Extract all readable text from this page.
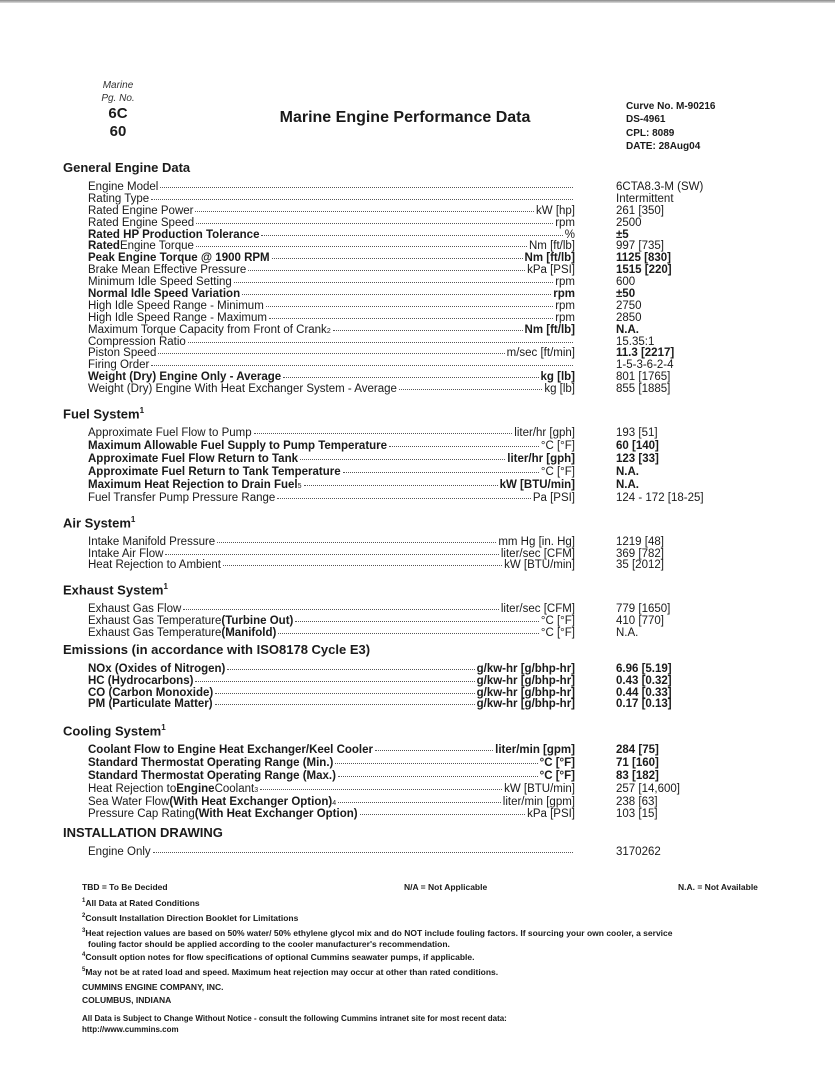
Marine
Pg. No.
6C
60
Marine Engine Performance Data
Curve No. M-90216
DS-4961
CPL: 8089
DATE: 28Aug04
General Engine Data
Engine Model	6CTA8.3-M (SW)
Rating Type	Intermittent
Rated Engine Power	kW [hp]	261 [350]
Rated Engine Speed	rpm	2500
Rated HP Production Tolerance	%	±5
Rated Engine Torque	Nm [ft/lb]	997 [735]
Peak Engine Torque @ 1900 RPM	Nm [ft/lb]	1125 [830]
Brake Mean Effective Pressure	kPa [PSI]	1515 [220]
Minimum Idle Speed Setting	rpm	600
Normal Idle Speed Variation	rpm	±50
High Idle Speed Range - Minimum	rpm	2750
High Idle Speed Range - Maximum	rpm	2850
Maximum Torque Capacity from Front of Crank 2	Nm [ft/lb]	N.A.
Compression Ratio	15.35:1
Piston Speed	m/sec [ft/min]	11.3 [2217]
Firing Order	1-5-3-6-2-4
Weight (Dry) Engine Only - Average	kg [lb]	801 [1765]
Weight (Dry) Engine With Heat Exchanger System - Average	kg [lb]	855 [1885]
Fuel System$^1$
Approximate Fuel Flow to Pump	liter/hr [gph]	193 [51]
Maximum Allowable Fuel Supply to Pump Temperature	°C [°F]	60 [140]
Approximate Fuel Flow Return to Tank	liter/hr [gph]	123 [33]
Approximate Fuel Return to Tank Temperature	°C [°F]	N.A.
Maximum Heat Rejection to Drain Fuel 5	kW [BTU/min]	N.A.
Fuel Transfer Pump Pressure Range	Pa [PSI]	124 - 172 [18-25]
Air System$^1$
Intake Manifold Pressure	mm Hg [in. Hg]	1219 [48]
Intake Air Flow	liter/sec [CFM]	369 [782]
Heat Rejection to Ambient	kW [BTU/min]	35 [2012]
Exhaust System$^1$
Exhaust Gas Flow	liter/sec [CFM]	779 [1650]
Exhaust Gas Temperature (Turbine Out)	°C [°F]	410 [770]
Exhaust Gas Temperature (Manifold)	°C [°F]	N.A.
Emissions (in accordance with ISO8178 Cycle E3)
NOx (Oxides of Nitrogen)	g/kw-hr [g/bhp-hr]	6.96 [5.19]
HC (Hydrocarbons)	g/kw-hr [g/bhp-hr]	0.43 [0.32]
CO (Carbon Monoxide)	g/kw-hr [g/bhp-hr]	0.44 [0.33]
PM (Particulate Matter)	g/kw-hr [g/bhp-hr]	0.17 [0.13]
Cooling System$^1$
Coolant Flow to Engine Heat Exchanger/Keel Cooler	liter/min [gpm]	284 [75]
Standard Thermostat Operating Range (Min.)	°C [°F]	71 [160]
Standard Thermostat Operating Range (Max.)	°C [°F]	83 [182]
Heat Rejection to Engine Coolant 3	kW [BTU/min]	257 [14,600]
Sea Water Flow (With Heat Exchanger Option) 4	liter/min [gpm]	238 [63]
Pressure Cap Rating (With Heat Exchanger Option)	kPa [PSI]	103 [15]
INSTALLATION DRAWING
Engine Only	3170262
TBD = To Be Decided	N/A = Not Applicable	N.A. = Not Available
$^1$All Data at Rated Conditions
$^2$Consult Installation Direction Booklet for Limitations
$^3$Heat rejection values are based on 50% water/ 50% ethylene glycol mix and do NOT include fouling factors. If sourcing your own cooler, a service
fouling factor should be applied according to the cooler manufacturer's recommendation.
$^4$Consult option notes for flow specifications of optional Cummins seawater pumps, if applicable.
$^5$May not be at rated load and speed. Maximum heat rejection may occur at other than rated conditions.
CUMMINS ENGINE COMPANY, INC.
COLUMBUS, INDIANA
All Data is Subject to Change Without Notice - consult the following Cummins intranet site for most recent data:
http://www.cummins.com
